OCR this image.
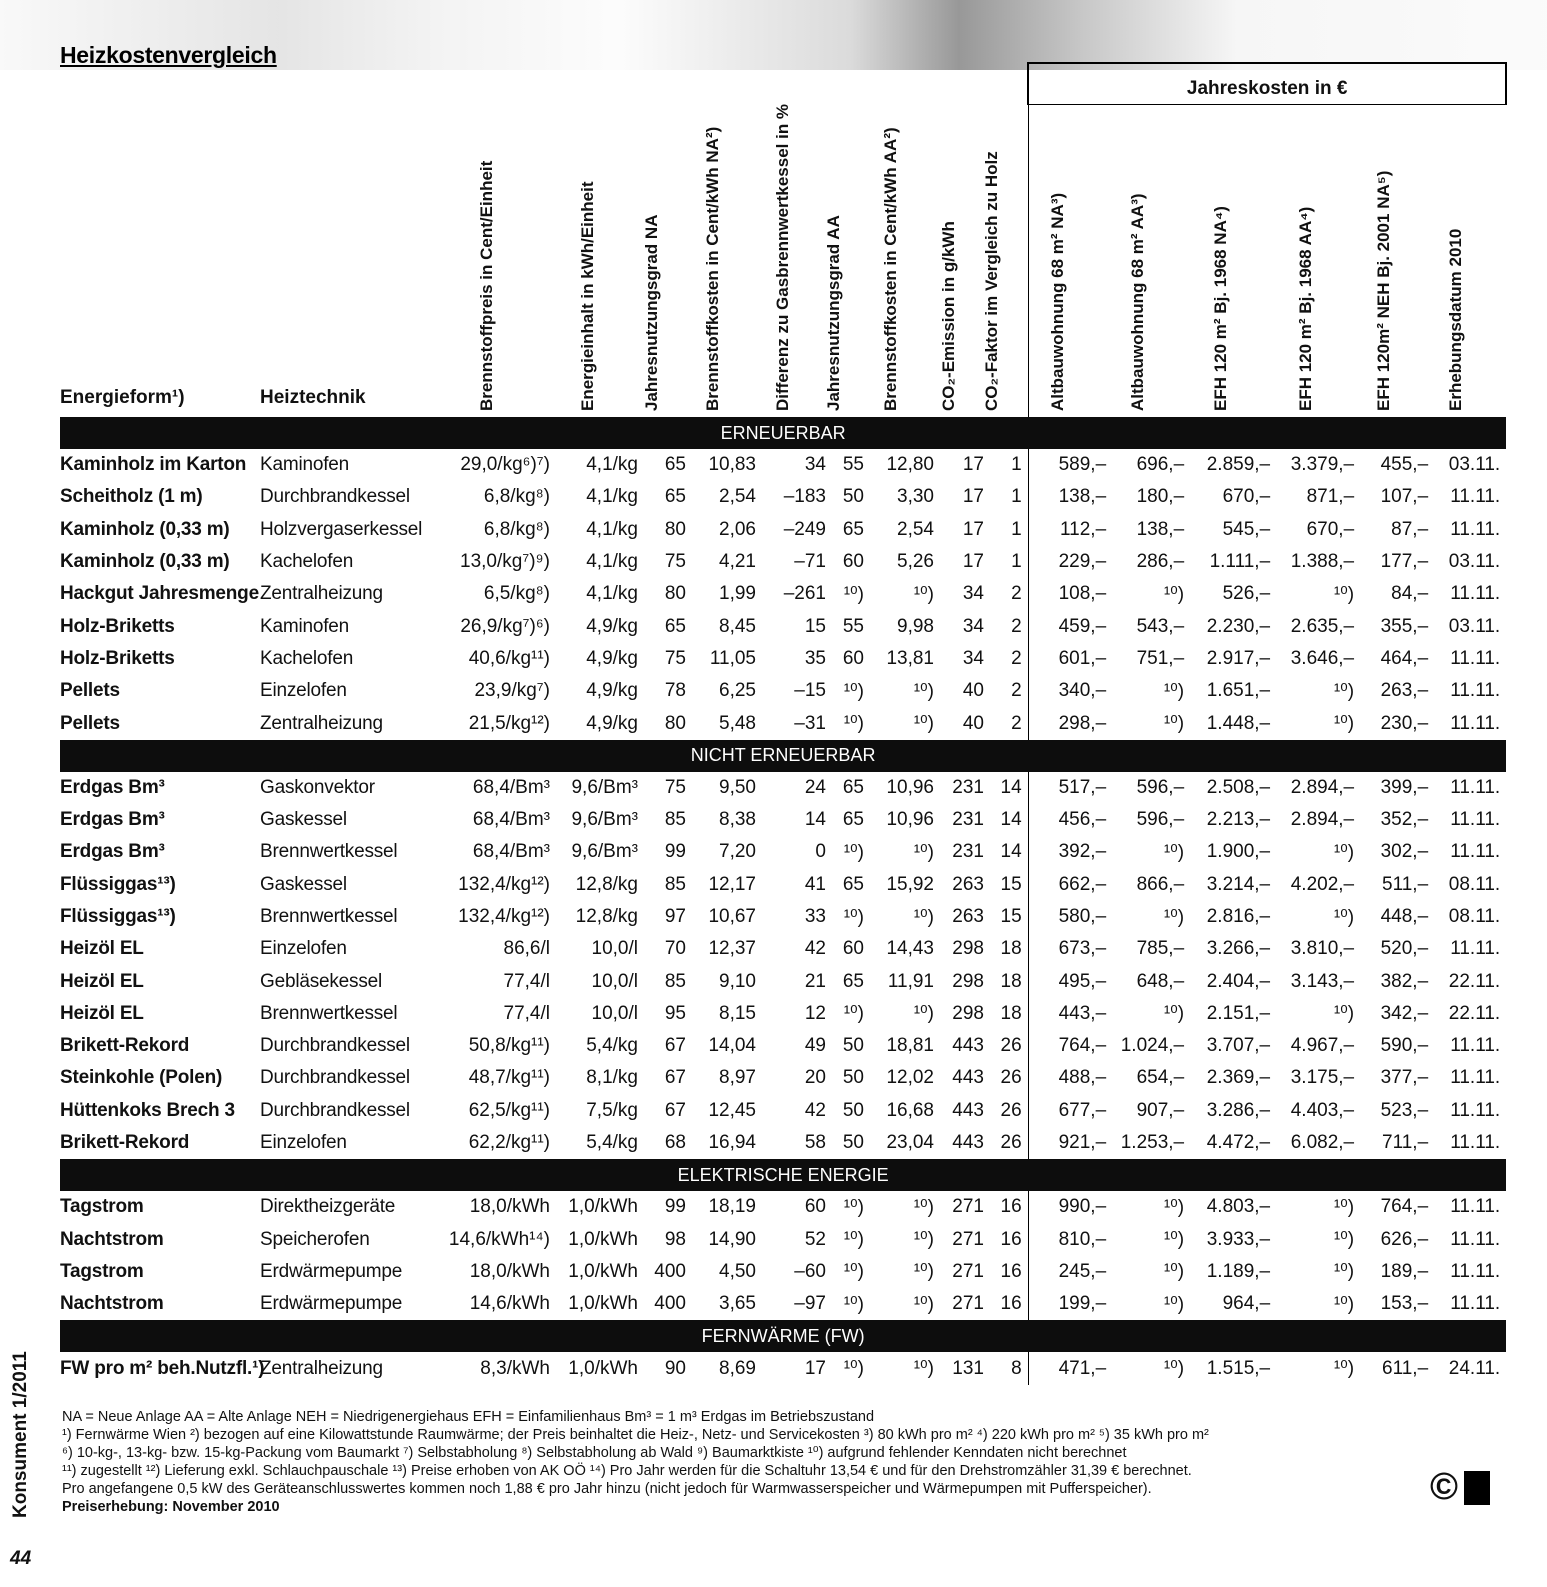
Heizkostenvergleich
											Jahreskosten in €					
Energieform¹)	Heiztechnik	Brennstoffpreis in Cent/Einheit	Energieinhalt in kWh/Einheit	Jahresnutzungsgrad NA	Brennstoffkosten in Cent/kWh NA²)	Differenz zu Gasbrennwertkessel in %	Jahresnutzungsgrad AA	Brennstoffkosten in Cent/kWh AA²)	CO₂-Emission in g/kWh	CO₂-Faktor im Vergleich zu Holz	Altbauwohnung 68 m² NA³)	Altbauwohnung 68 m² AA³)	EFH 120 m² Bj. 1968 NA⁴)	EFH 120 m² Bj. 1968 AA⁴)	EFH 120m² NEH Bj. 2001 NA⁵)	Erhebungsdatum 2010

ERNEUERBAR																
Kaminholz im Karton	Kaminofen	29,0/kg⁶)⁷)	4,1/kg	65	10,83	34	55	12,80	17	1	589,–	696,–	2.859,–	3.379,–	455,–	03.11.
Scheitholz (1 m)	Durchbrandkessel	6,8/kg⁸)	4,1/kg	65	2,54	–183	50	3,30	17	1	138,–	180,–	670,–	871,–	107,–	11.11.
Kaminholz (0,33 m)	Holzvergaserkessel	6,8/kg⁸)	4,1/kg	80	2,06	–249	65	2,54	17	1	112,–	138,–	545,–	670,–	87,–	11.11.
Kaminholz (0,33 m)	Kachelofen	13,0/kg⁷)⁹)	4,1/kg	75	4,21	–71	60	5,26	17	1	229,–	286,–	1.111,–	1.388,–	177,–	03.11.
Hackgut Jahresmenge	Zentralheizung	6,5/kg⁸)	4,1/kg	80	1,99	–261	¹⁰)	¹⁰)	34	2	108,–	¹⁰)	526,–	¹⁰)	84,–	11.11.
Holz-Briketts	Kaminofen	26,9/kg⁷)⁶)	4,9/kg	65	8,45	15	55	9,98	34	2	459,–	543,–	2.230,–	2.635,–	355,–	03.11.
Holz-Briketts	Kachelofen	40,6/kg¹¹)	4,9/kg	75	11,05	35	60	13,81	34	2	601,–	751,–	2.917,–	3.646,–	464,–	11.11.
Pellets	Einzelofen	23,9/kg⁷)	4,9/kg	78	6,25	–15	¹⁰)	¹⁰)	40	2	340,–	¹⁰)	1.651,–	¹⁰)	263,–	11.11.
Pellets	Zentralheizung	21,5/kg¹²)	4,9/kg	80	5,48	–31	¹⁰)	¹⁰)	40	2	298,–	¹⁰)	1.448,–	¹⁰)	230,–	11.11.
NICHT ERNEUERBAR																
Erdgas Bm³	Gaskonvektor	68,4/Bm³	9,6/Bm³	75	9,50	24	65	10,96	231	14	517,–	596,–	2.508,–	2.894,–	399,–	11.11.
Erdgas Bm³	Gaskessel	68,4/Bm³	9,6/Bm³	85	8,38	14	65	10,96	231	14	456,–	596,–	2.213,–	2.894,–	352,–	11.11.
Erdgas Bm³	Brennwertkessel	68,4/Bm³	9,6/Bm³	99	7,20	0	¹⁰)	¹⁰)	231	14	392,–	¹⁰)	1.900,–	¹⁰)	302,–	11.11.
Flüssiggas¹³)	Gaskessel	132,4/kg¹²)	12,8/kg	85	12,17	41	65	15,92	263	15	662,–	866,–	3.214,–	4.202,–	511,–	08.11.
Flüssiggas¹³)	Brennwertkessel	132,4/kg¹²)	12,8/kg	97	10,67	33	¹⁰)	¹⁰)	263	15	580,–	¹⁰)	2.816,–	¹⁰)	448,–	08.11.
Heizöl EL	Einzelofen	86,6/l	10,0/l	70	12,37	42	60	14,43	298	18	673,–	785,–	3.266,–	3.810,–	520,–	11.11.
Heizöl EL	Gebläsekessel	77,4/l	10,0/l	85	9,10	21	65	11,91	298	18	495,–	648,–	2.404,–	3.143,–	382,–	22.11.
Heizöl EL	Brennwertkessel	77,4/l	10,0/l	95	8,15	12	¹⁰)	¹⁰)	298	18	443,–	¹⁰)	2.151,–	¹⁰)	342,–	22.11.
Brikett-Rekord	Durchbrandkessel	50,8/kg¹¹)	5,4/kg	67	14,04	49	50	18,81	443	26	764,–	1.024,–	3.707,–	4.967,–	590,–	11.11.
Steinkohle (Polen)	Durchbrandkessel	48,7/kg¹¹)	8,1/kg	67	8,97	20	50	12,02	443	26	488,–	654,–	2.369,–	3.175,–	377,–	11.11.
Hüttenkoks Brech 3	Durchbrandkessel	62,5/kg¹¹)	7,5/kg	67	12,45	42	50	16,68	443	26	677,–	907,–	3.286,–	4.403,–	523,–	11.11.
Brikett-Rekord	Einzelofen	62,2/kg¹¹)	5,4/kg	68	16,94	58	50	23,04	443	26	921,–	1.253,–	4.472,–	6.082,–	711,–	11.11.
ELEKTRISCHE ENERGIE																
Tagstrom	Direktheizgeräte	18,0/kWh	1,0/kWh	99	18,19	60	¹⁰)	¹⁰)	271	16	990,–	¹⁰)	4.803,–	¹⁰)	764,–	11.11.
Nachtstrom	Speicherofen	14,6/kWh¹⁴)	1,0/kWh	98	14,90	52	¹⁰)	¹⁰)	271	16	810,–	¹⁰)	3.933,–	¹⁰)	626,–	11.11.
Tagstrom	Erdwärmepumpe	18,0/kWh	1,0/kWh	400	4,50	–60	¹⁰)	¹⁰)	271	16	245,–	¹⁰)	1.189,–	¹⁰)	189,–	11.11.
Nachtstrom	Erdwärmepumpe	14,6/kWh	1,0/kWh	400	3,65	–97	¹⁰)	¹⁰)	271	16	199,–	¹⁰)	964,–	¹⁰)	153,–	11.11.
FERNWÄRME (FW)																
FW pro m² beh.Nutzfl.¹)	Zentralheizung	8,3/kWh	1,0/kWh	90	8,69	17	¹⁰)	¹⁰)	131	8	471,–	¹⁰)	1.515,–	¹⁰)	611,–	24.11.
NA = Neue Anlage AA = Alte Anlage NEH = Niedrigenergiehaus EFH = Einfamilienhaus Bm³ = 1 m³ Erdgas im Betriebszustand
¹) Fernwärme Wien ²) bezogen auf eine Kilowattstunde Raumwärme; der Preis beinhaltet die Heiz-, Netz- und Servicekosten ³) 80 kWh pro m² ⁴) 220 kWh pro m² ⁵) 35 kWh pro m²
⁶) 10-kg-, 13-kg- bzw. 15-kg-Packung vom Baumarkt ⁷) Selbstabholung ⁸) Selbstabholung ab Wald ⁹) Baumarktkiste ¹⁰) aufgrund fehlender Kenndaten nicht berechnet
¹¹) zugestellt ¹²) Lieferung exkl. Schlauchpauschale ¹³) Preise erhoben von AK OÖ ¹⁴) Pro Jahr werden für die Schaltuhr 13,54 € und für den Drehstromzähler 31,39 € berechnet.
Pro angefangene 0,5 kW des Geräteanschlusswertes kommen noch 1,88 € pro Jahr hinzu (nicht jedoch für Warmwasserspeicher und Wärmepumpen mit Pufferspeicher).
Preiserhebung: November 2010	©
Konsument 1/2011
44
